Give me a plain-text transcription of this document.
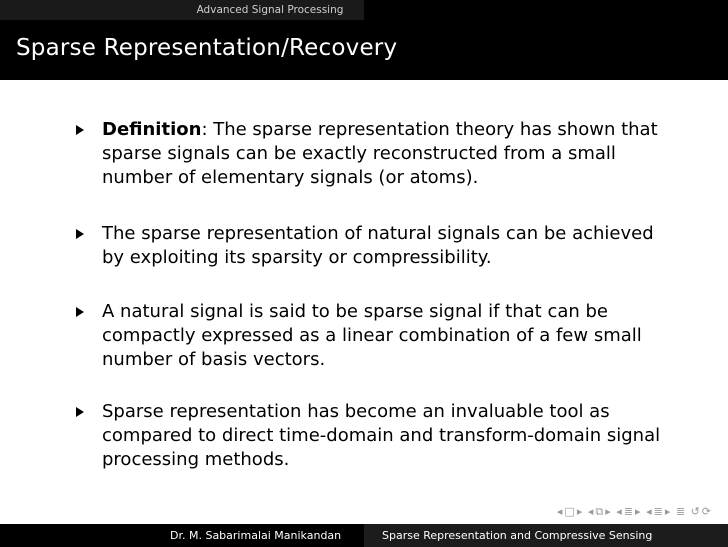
Advanced Signal Processing
Sparse Representation/Recovery
Definition: The sparse representation theory has shown that
sparse signals can be exactly reconstructed from a small
number of elementary signals (or atoms).
The sparse representation of natural signals can be achieved
by exploiting its sparsity or compressibility.
A natural signal is said to be sparse signal if that can be
compactly expressed as a linear combination of a few small
number of basis vectors.
Sparse representation has become an invaluable tool as
compared to direct time-domain and transform-domain signal
processing methods.
◂ □ ▸ ◂ ⧉ ▸ ◂ ≣ ▸ ◂ ≣ ▸ ≣ ↺ ⟳
Dr. M. Sabarimalai Manikandan	Sparse Representation and Compressive Sensing
